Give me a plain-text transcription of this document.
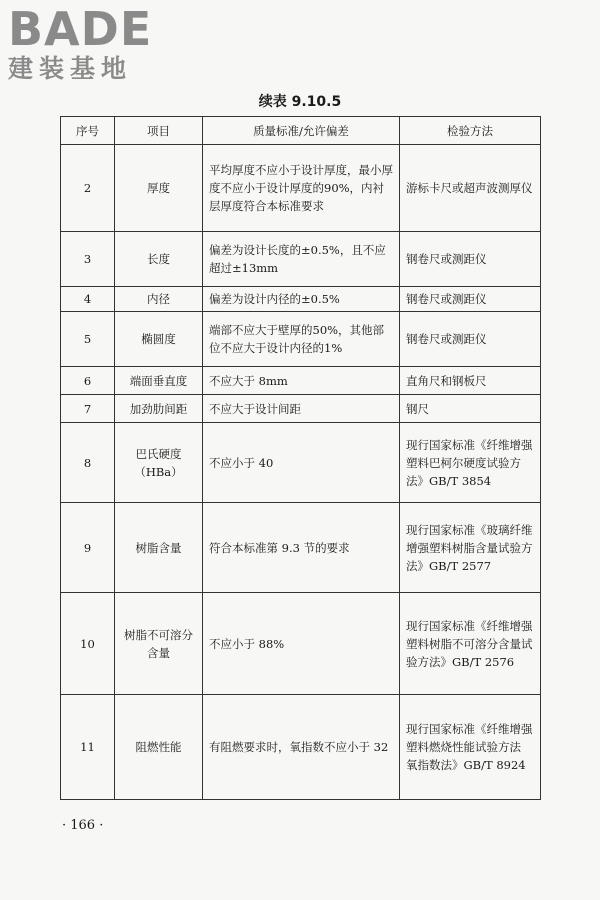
BADE
建装基地
续表 9.10.5
序号	项目	质量标准/允许偏差	检验方法
2	厚度	平均厚度不应小于设计厚度，最小厚度不应小于设计厚度的90%，内衬层厚度符合本标准要求	游标卡尺或超声波测厚仪
3	长度	偏差为设计长度的±0.5%，且不应超过±13mm	钢卷尺或测距仪
4	内径	偏差为设计内径的±0.5%	钢卷尺或测距仪
5	椭圆度	端部不应大于壁厚的50%，其他部位不应大于设计内径的1%	钢卷尺或测距仪
6	端面垂直度	不应大于 8mm	直角尺和钢板尺
7	加劲肋间距	不应大于设计间距	钢尺
8	巴氏硬度（HBa）	不应小于 40	现行国家标准《纤维增强塑料巴柯尔硬度试验方法》GB/T 3854
9	树脂含量	符合本标准第 9.3 节的要求	现行国家标准《玻璃纤维增强塑料树脂含量试验方法》GB/T 2577
10	树脂不可溶分含量	不应小于 88%	现行国家标准《纤维增强塑料树脂不可溶分含量试验方法》GB/T 2576
11	阻燃性能	有阻燃要求时，氧指数不应小于 32	现行国家标准《纤维增强塑料燃烧性能试验方法 氧指数法》GB/T 8924
· 166 ·
